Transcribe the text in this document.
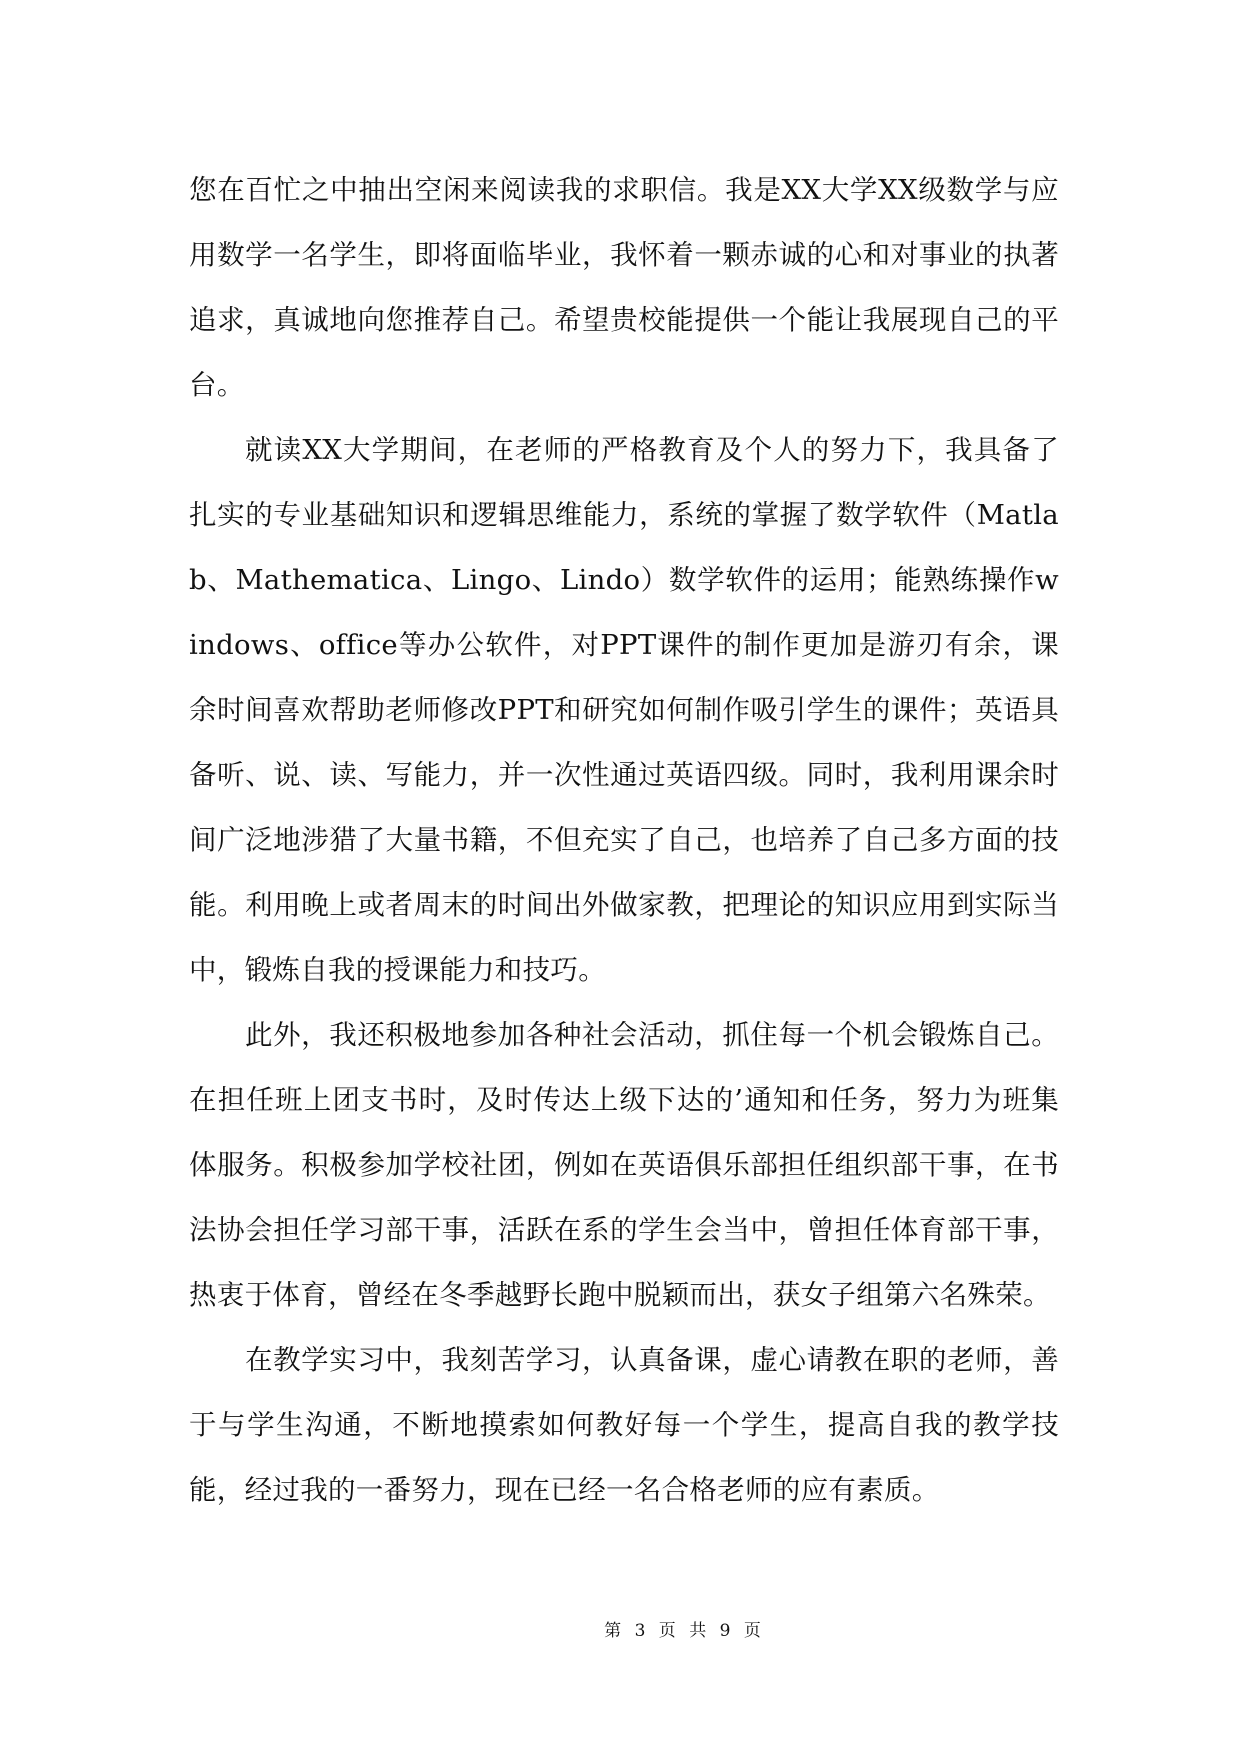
您在百忙之中抽出空闲来阅读我的求职信。我是XX大学XX级数学与应用数学一名学生，即将面临毕业，我怀着一颗赤诚的心和对事业的执著追求，真诚地向您推荐自己。希望贵校能提供一个能让我展现自己的平台。

就读XX大学期间，在老师的严格教育及个人的努力下，我具备了扎实的专业基础知识和逻辑思维能力，系统的掌握了数学软件（Matlab、Mathematica、Lingo、Lindo）数学软件的运用；能熟练操作windows、office等办公软件，对PPT课件的制作更加是游刃有余，课余时间喜欢帮助老师修改PPT和研究如何制作吸引学生的课件；英语具备听、说、读、写能力，并一次性通过英语四级。同时，我利用课余时间广泛地涉猎了大量书籍，不但充实了自己，也培养了自己多方面的技能。利用晚上或者周末的时间出外做家教，把理论的知识应用到实际当中，锻炼自我的授课能力和技巧。

此外，我还积极地参加各种社会活动，抓住每一个机会锻炼自己。在担任班上团支书时，及时传达上级下达的’通知和任务，努力为班集体服务。积极参加学校社团，例如在英语俱乐部担任组织部干事，在书法协会担任学习部干事，活跃在系的学生会当中，曾担任体育部干事，热衷于体育，曾经在冬季越野长跑中脱颖而出，获女子组第六名殊荣。

在教学实习中，我刻苦学习，认真备课，虚心请教在职的老师，善于与学生沟通，不断地摸索如何教好每一个学生，提高自我的教学技能，经过我的一番努力，现在已经一名合格老师的应有素质。

第 3 页 共 9 页
